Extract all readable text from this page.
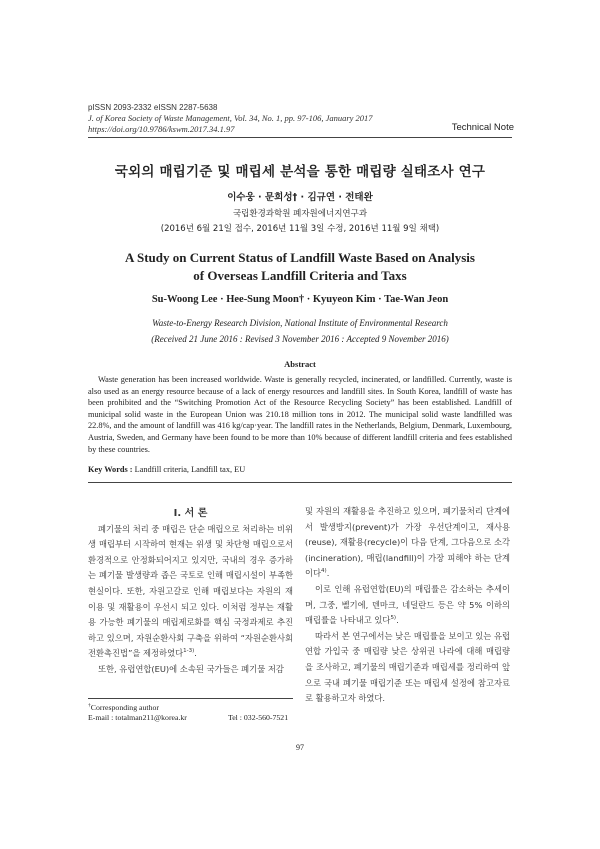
pISSN 2093-2332 eISSN 2287-5638
J. of Korea Society of Waste Management, Vol. 34, No. 1, pp. 97-106, January 2017
https://doi.org/10.9786/kswm.2017.34.1.97	Technical Note
국외의 매립기준 및 매립세 분석을 통한 매립량 실태조사 연구
이수웅 · 문희성† · 김규연 · 전태완
국립환경과학원 폐자원에너지연구과
(2016년 6월 21일 접수, 2016년 11월 3일 수정, 2016년 11월 9일 채택)
A Study on Current Status of Landfill Waste Based on Analysis
of Overseas Landfill Criteria and Taxs
Su-Woong Lee · Hee-Sung Moon† · Kyuyeon Kim · Tae-Wan Jeon
Waste-to-Energy Research Division, National Institute of Environmental Research
(Received 21 June 2016 : Revised 3 November 2016 : Accepted 9 November 2016)
Abstract
Waste generation has been increased worldwide. Waste is generally recycled, incinerated, or landfilled. Currently, waste is also used as an energy resource because of a lack of energy resources and landfill sites. In South Korea, landfill of waste has been prohibited and the “Switching Promotion Act of the Resource Recycling Society” has been established. Landfill of municipal solid waste in the European Union was 210.18 million tons in 2012. The municipal solid waste landfilled was 22.8%, and the amount of landfill was 416 kg/cap·year. The landfill rates in the Netherlands, Belgium, Denmark, Luxembourg, Austria, Sweden, and Germany have been found to be more than 10% because of different landfill criteria and fees established by these countries.
Key Words : Landfill criteria, Landfill tax, EU

I. 서 론

폐기물의 처리 중 매립은 단순 매립으로 처리하는 비위생 매립부터 시작하여 현재는 위생 및 차단형 매립으로서 환경적으로 안정화되어지고 있지만, 국내의 경우 증가하는 폐기물 발생량과 좁은 국토로 인해 매립시설이 부족한 현실이다. 또한, 자원고갈로 인해 매립보다는 자원의 재이용 및 재활용이 우선시 되고 있다. 이처럼 정부는 재활용 가능한 폐기물의 매립제로화를 핵심 국정과제로 추진하고 있으며, 자원순환사회 구축을 위하여 “자원순환사회전환촉진법”을 제정하였다$^{1-3)}$.

또한, 유럽연합(EU)에 소속된 국가들은 폐기물 저감

및 자원의 재활용을 추진하고 있으며, 폐기물처리 단계에서 발생방지(prevent)가 가장 우선단계이고, 재사용(reuse), 재활용(recycle)이 다음 단계, 그다음으로 소각(incineration), 매립(landfill)이 가장 피해야 하는 단계이다$^{4)}$.

이로 인해 유럽연합(EU)의 매립률은 감소하는 추세이며, 그중, 벨기에, 덴마크, 네덜란드 등은 약 5% 이하의 매립률을 나타내고 있다$^{5)}$.

따라서 본 연구에서는 낮은 매립률을 보이고 있는 유럽연합 가입국 중 매립량 낮은 상위권 나라에 대해 매립량을 조사하고, 폐기물의 매립기준과 매립세를 정리하여 앞으로 국내 폐기물 매립기준 또는 매립세 설정에 참고자료로 활용하고자 하였다.

†Corresponding author
E-mail : totalman211@korea.kr	Tel : 032-560-7521
97
